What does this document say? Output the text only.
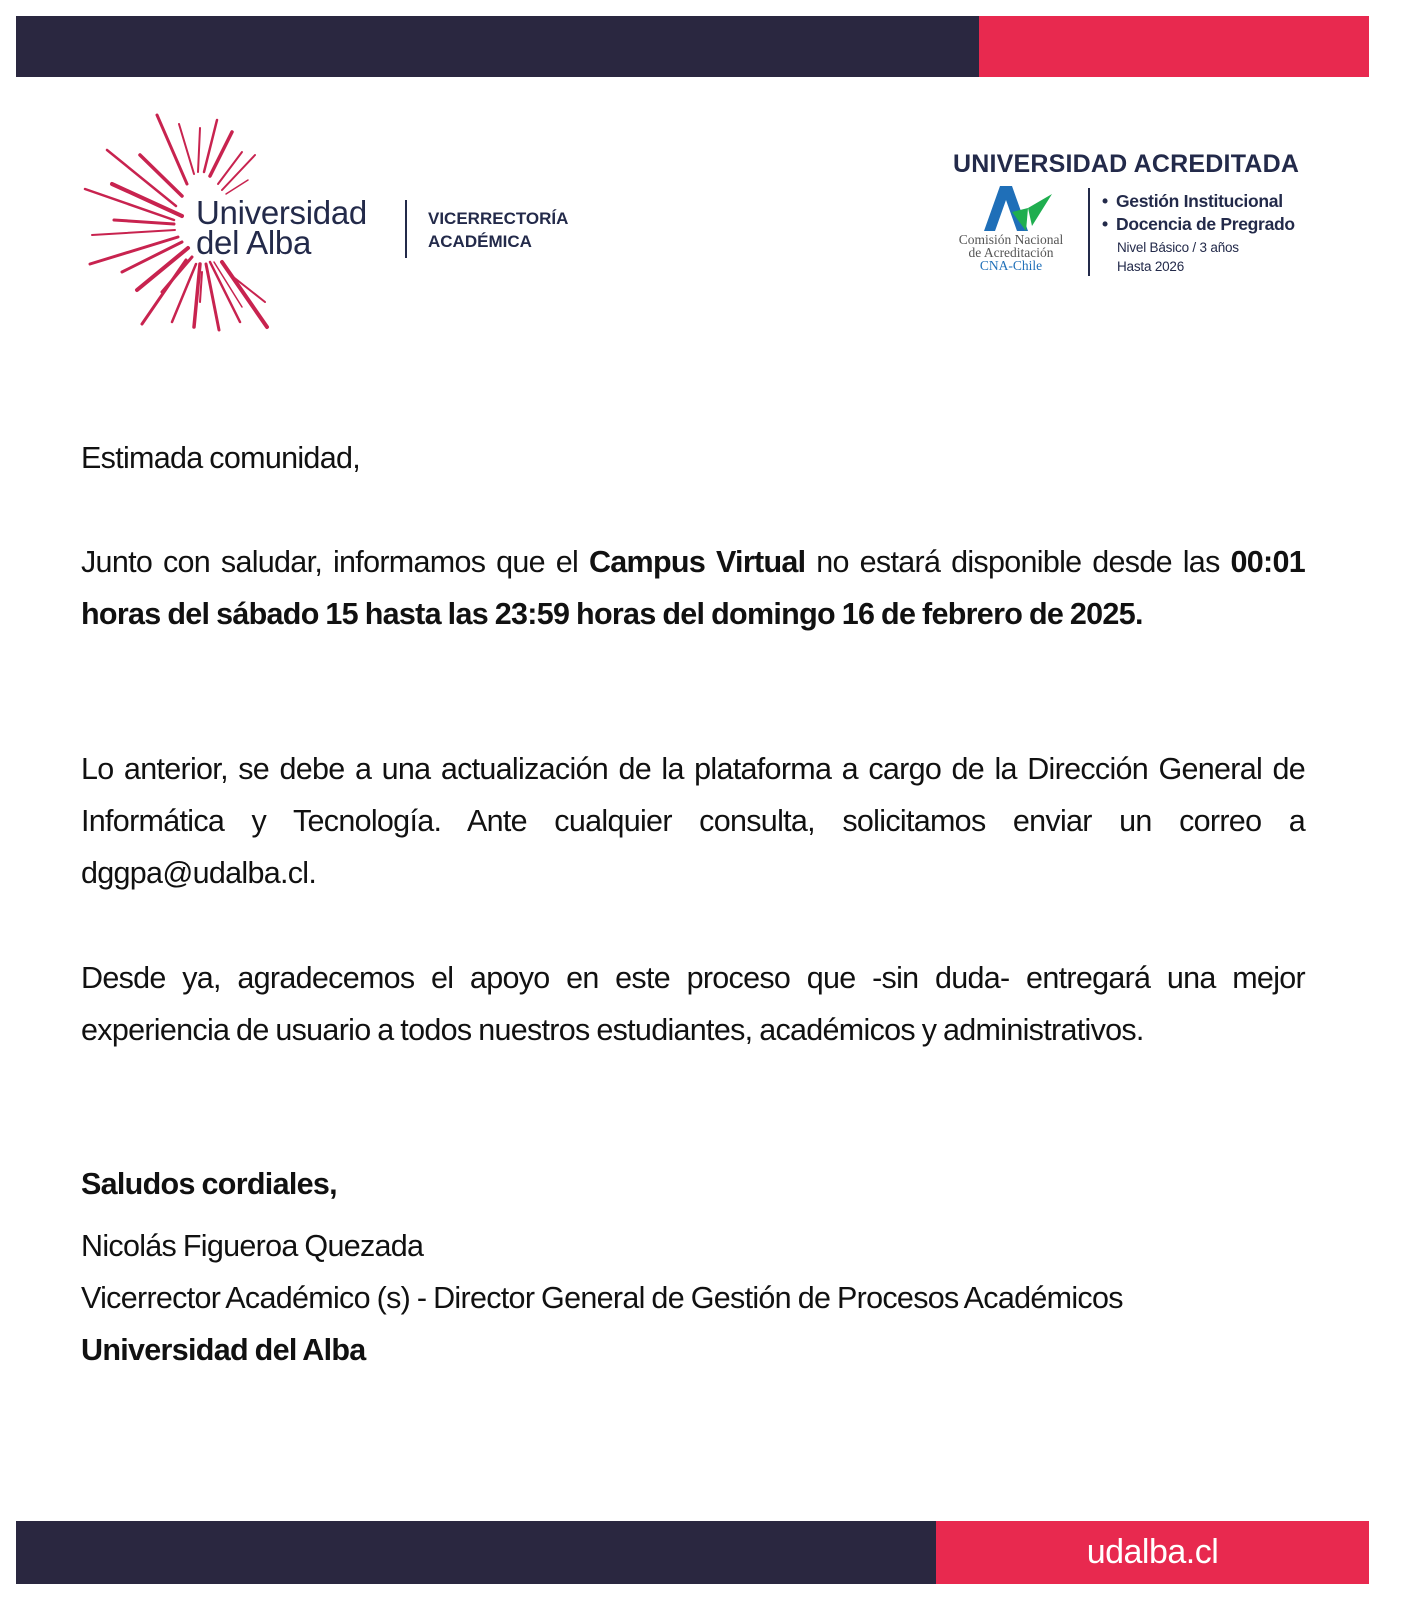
Universidad
del Alba
VICERRECTORÍA
ACADÉMICA
UNIVERSIDAD ACREDITADA
Comisión Nacional
de Acreditación
CNA-Chile
• Gestión Institucional
• Docencia de Pregrado
Nivel Básico / 3 años
Hasta 2026

Estimada comunidad,

Junto con saludar, informamos que el Campus Virtual no estará disponible desde las 00:01 horas del sábado 15 hasta las 23:59 horas del domingo 16 de febrero de 2025.

Lo anterior, se debe a una actualización de la plataforma a cargo de la Dirección General de Informática y Tecnología. Ante cualquier consulta, solicitamos enviar un correo a dggpa@udalba.cl.

Desde ya, agradecemos el apoyo en este proceso que -sin duda- entregará una mejor experiencia de usuario a todos nuestros estudiantes, académicos y administrativos.

Saludos cordiales,
Nicolás Figueroa Quezada
Vicerrector Académico (s) - Director General de Gestión de Procesos Académicos
Universidad del Alba
udalba.cl
